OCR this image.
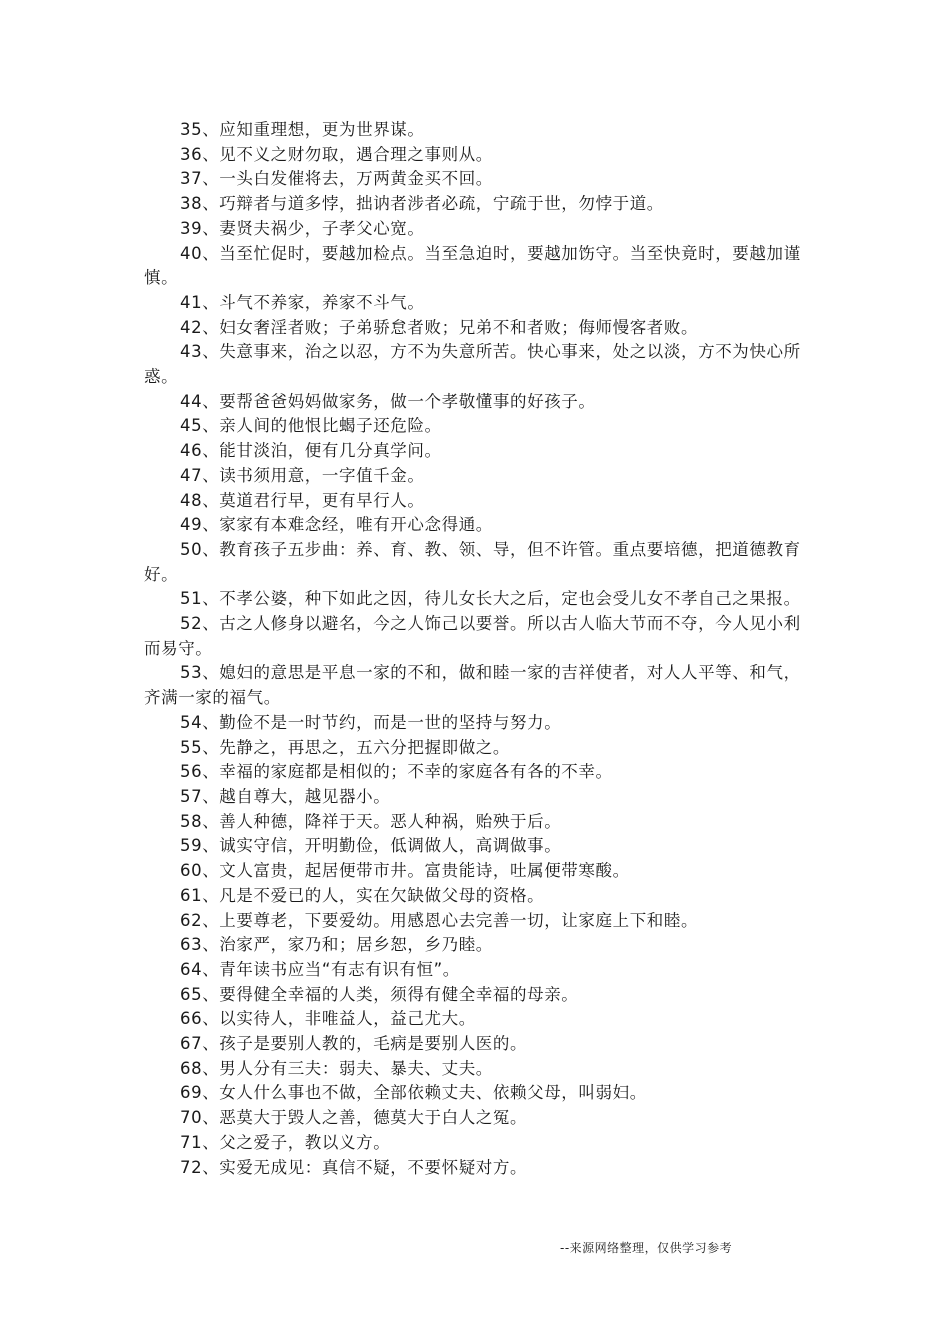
35、应知重理想，更为世界谋。

36、见不义之财勿取，遇合理之事则从。

37、一头白发催将去，万两黄金买不回。

38、巧辩者与道多悖，拙讷者涉者必疏，宁疏于世，勿悖于道。

39、妻贤夫祸少，子孝父心宽。

40、当至忙促时，要越加检点。当至急迫时，要越加饬守。当至快竟时，要越加谨慎。

41、斗气不养家，养家不斗气。

42、妇女奢淫者败；子弟骄怠者败；兄弟不和者败；侮师慢客者败。

43、失意事来，治之以忍，方不为失意所苦。快心事来，处之以淡，方不为快心所惑。

44、要帮爸爸妈妈做家务，做一个孝敬懂事的好孩子。

45、亲人间的他恨比蝎子还危险。

46、能甘淡泊，便有几分真学问。

47、读书须用意，一字值千金。

48、莫道君行早，更有早行人。

49、家家有本难念经，唯有开心念得通。

50、教育孩子五步曲：养、育、教、领、导，但不许管。重点要培德，把道德教育好。

51、不孝公婆，种下如此之因，待儿女长大之后，定也会受儿女不孝自己之果报。

52、古之人修身以避名，今之人饰己以要誉。所以古人临大节而不夺，今人见小利而易守。

53、媳妇的意思是平息一家的不和，做和睦一家的吉祥使者，对人人平等、和气，齐满一家的福气。

54、勤俭不是一时节约，而是一世的坚持与努力。

55、先静之，再思之，五六分把握即做之。

56、幸福的家庭都是相似的；不幸的家庭各有各的不幸。

57、越自尊大，越见器小。

58、善人种德，降祥于天。恶人种祸，贻殃于后。

59、诚实守信，开明勤俭，低调做人，高调做事。

60、文人富贵，起居便带市井。富贵能诗，吐属便带寒酸。

61、凡是不爱已的人，实在欠缺做父母的资格。

62、上要尊老，下要爱幼。用感恩心去完善一切，让家庭上下和睦。

63、治家严，家乃和；居乡恕，乡乃睦。

64、青年读书应当“有志有识有恒”。

65、要得健全幸福的人类，须得有健全幸福的母亲。

66、以实待人，非唯益人，益己尤大。

67、孩子是要别人教的，毛病是要别人医的。

68、男人分有三夫：弱夫、暴夫、丈夫。

69、女人什么事也不做，全部依赖丈夫、依赖父母，叫弱妇。

70、恶莫大于毁人之善，德莫大于白人之冤。

71、父之爱子，教以义方。

72、实爱无成见：真信不疑，不要怀疑对方。

--来源网络整理，仅供学习参考
